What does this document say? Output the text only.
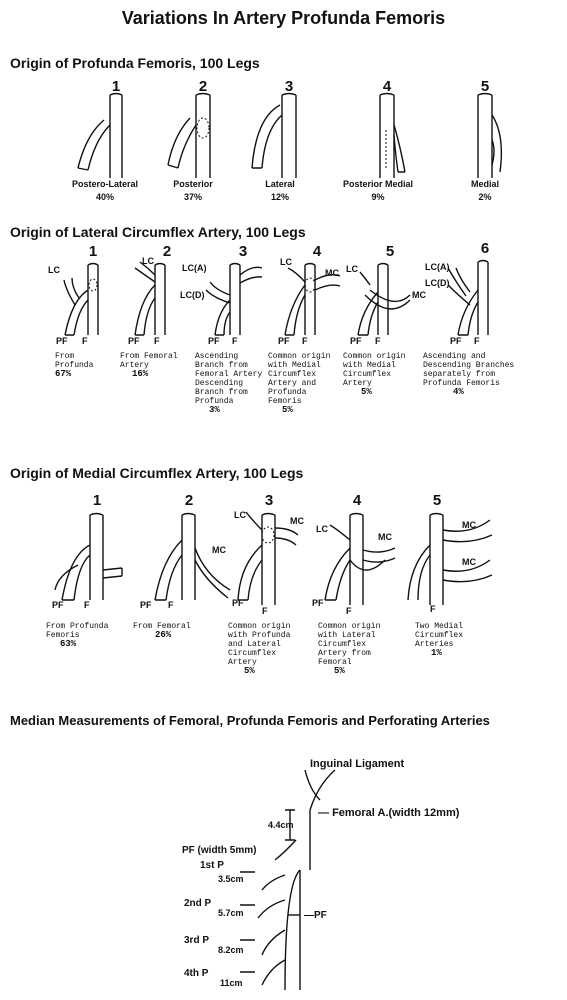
Variations In Artery Profunda Femoris
Origin of Profunda Femoris, 100 Legs
1	2	3	4	5
Postero-Lateral
40%
Posterior
37%
Lateral
12%
Posterior Medial
9%
Medial
2%
Origin of Lateral Circumflex Artery, 100 Legs
1	2	3	4	5	6
LC
LC
LC(A)
LC(D)
LC
MC LC
MC
LC(A)
LC(D)
PF F	PF F	PF F	PF F	PF F	PF F
From
Profunda
67%
From Femoral
Artery
16%
Ascending
Branch from
Femoral Artery
Descending
Branch from
Profunda
3%
Common origin
with Medial
Circumflex
Artery and
Profunda
Femoris
5%
Common origin
with Medial
Circumflex
Artery
5%
Ascending and
Descending Branches
separately from
Profunda Femoris
4%
Origin of Medial Circumflex Artery, 100 Legs
1	2	3	4	5
MC
LC
MC
LC
MC
MC
MC
PF F	PF F	PF
F
PF
F	F
From Profunda
Femoris
63%
From Femoral
26%
Common origin
with Profunda
and Lateral
Circumflex
Artery
5%
Common origin
with Lateral
Circumflex
Artery from
Femoral
5%
Two Medial
Circumflex
Arteries
1%
Median Measurements of Femoral, Profunda Femoris and Perforating Arteries
Inguinal Ligament
— Femoral A.(width 12mm)
4.4cm
PF (width 5mm)
1st P
3.5cm
2nd P
5.7cm
3rd P
8.2cm
4th P
11cm
—PF
